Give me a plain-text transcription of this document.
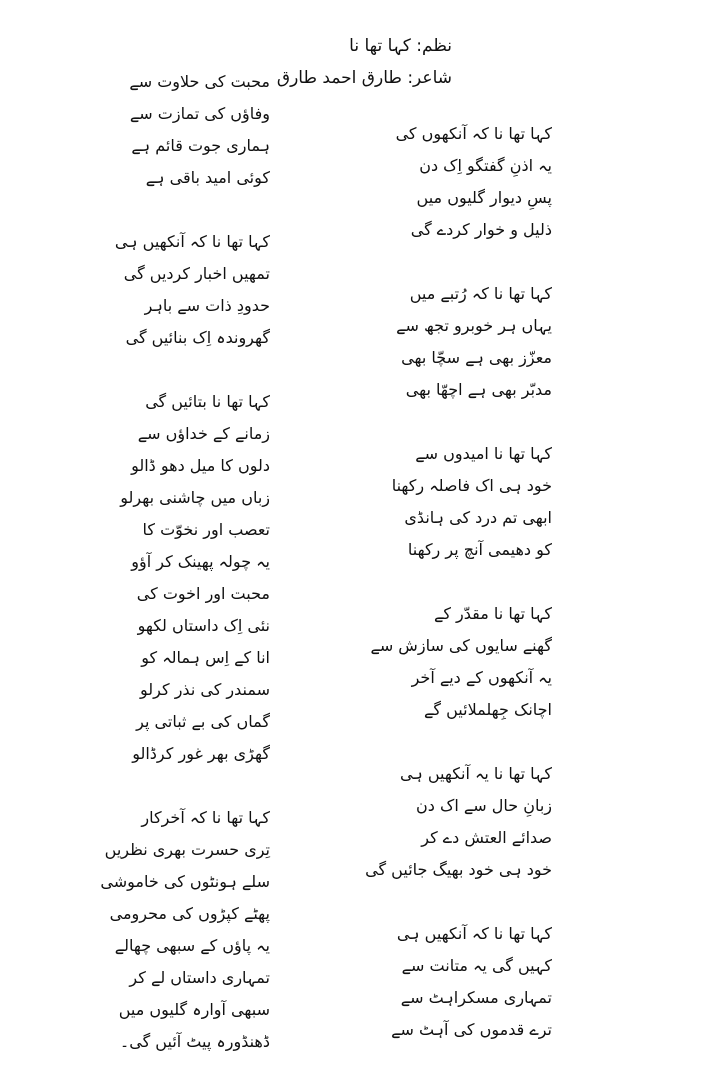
نظم: کہا تھا نا
شاعر: طارق احمد طارق
کہا تھا نا کہ آنکھوں کی
یہ اذنِ گفتگو اِک دن
پسِ دیوار گلیوں میں
ذلیل و خوار کردے گی
کہا تھا نا کہ رُتبے میں
یہاں ہر خوبرو تجھ سے
معزّز بھی ہے سچّا بھی
مدبّر بھی ہے اچھّا بھی
کہا تھا نا امیدوں سے
خود ہی اک فاصلہ رکھنا
ابھی تم درد کی ہانڈی
کو دھیمی آنچ پر رکھنا
کہا تھا نا مقدّر کے
گھنے سایوں کی سازش سے
یہ آنکھوں کے دیے آخر
اچانک جِھلملائیں گے
کہا تھا نا یہ آنکھیں ہی
زبانِ حال سے اک دن
صدائے العتش دے کر
خود ہی خود بھیگ جائیں گی
کہا تھا نا کہ آنکھیں ہی
کہیں گی یہ متانت سے
تمہاری مسکراہٹ سے
ترے قدموں کی آہٹ سے
محبت کی حلاوت سے
وفاؤں کی تمازت سے
ہماری جوت قائم ہے
کوئی امید باقی ہے
کہا تھا نا کہ آنکھیں ہی
تمھیں اخبار کردیں گی
حدودِ ذات سے باہر
گھروندہ اِک بنائیں گی
کہا تھا نا بتائیں گی
زمانے کے خداؤں سے
دلوں کا میل دھو ڈالو
زباں میں چاشنی بھرلو
تعصب اور نخوّت کا
یہ چولہ پھینک کر آؤو
محبت اور اخوت کی
نئی اِک داستاں لکھو
انا کے اِس ہمالہ کو
سمندر کی نذر کرلو
گماں کی بے ثباتی پر
گھڑی بھر غور کرڈالو
کہا تھا نا کہ آخرکار
تِری حسرت بھری نظریں
سلے ہونٹوں کی خاموشی
پھٹے کپڑوں کی محرومی
یہ پاؤں کے سبھی چھالے
تمہاری داستاں لے کر
سبھی آوارہ گلیوں میں
ڈھنڈورہ پیٹ آئیں گی۔
